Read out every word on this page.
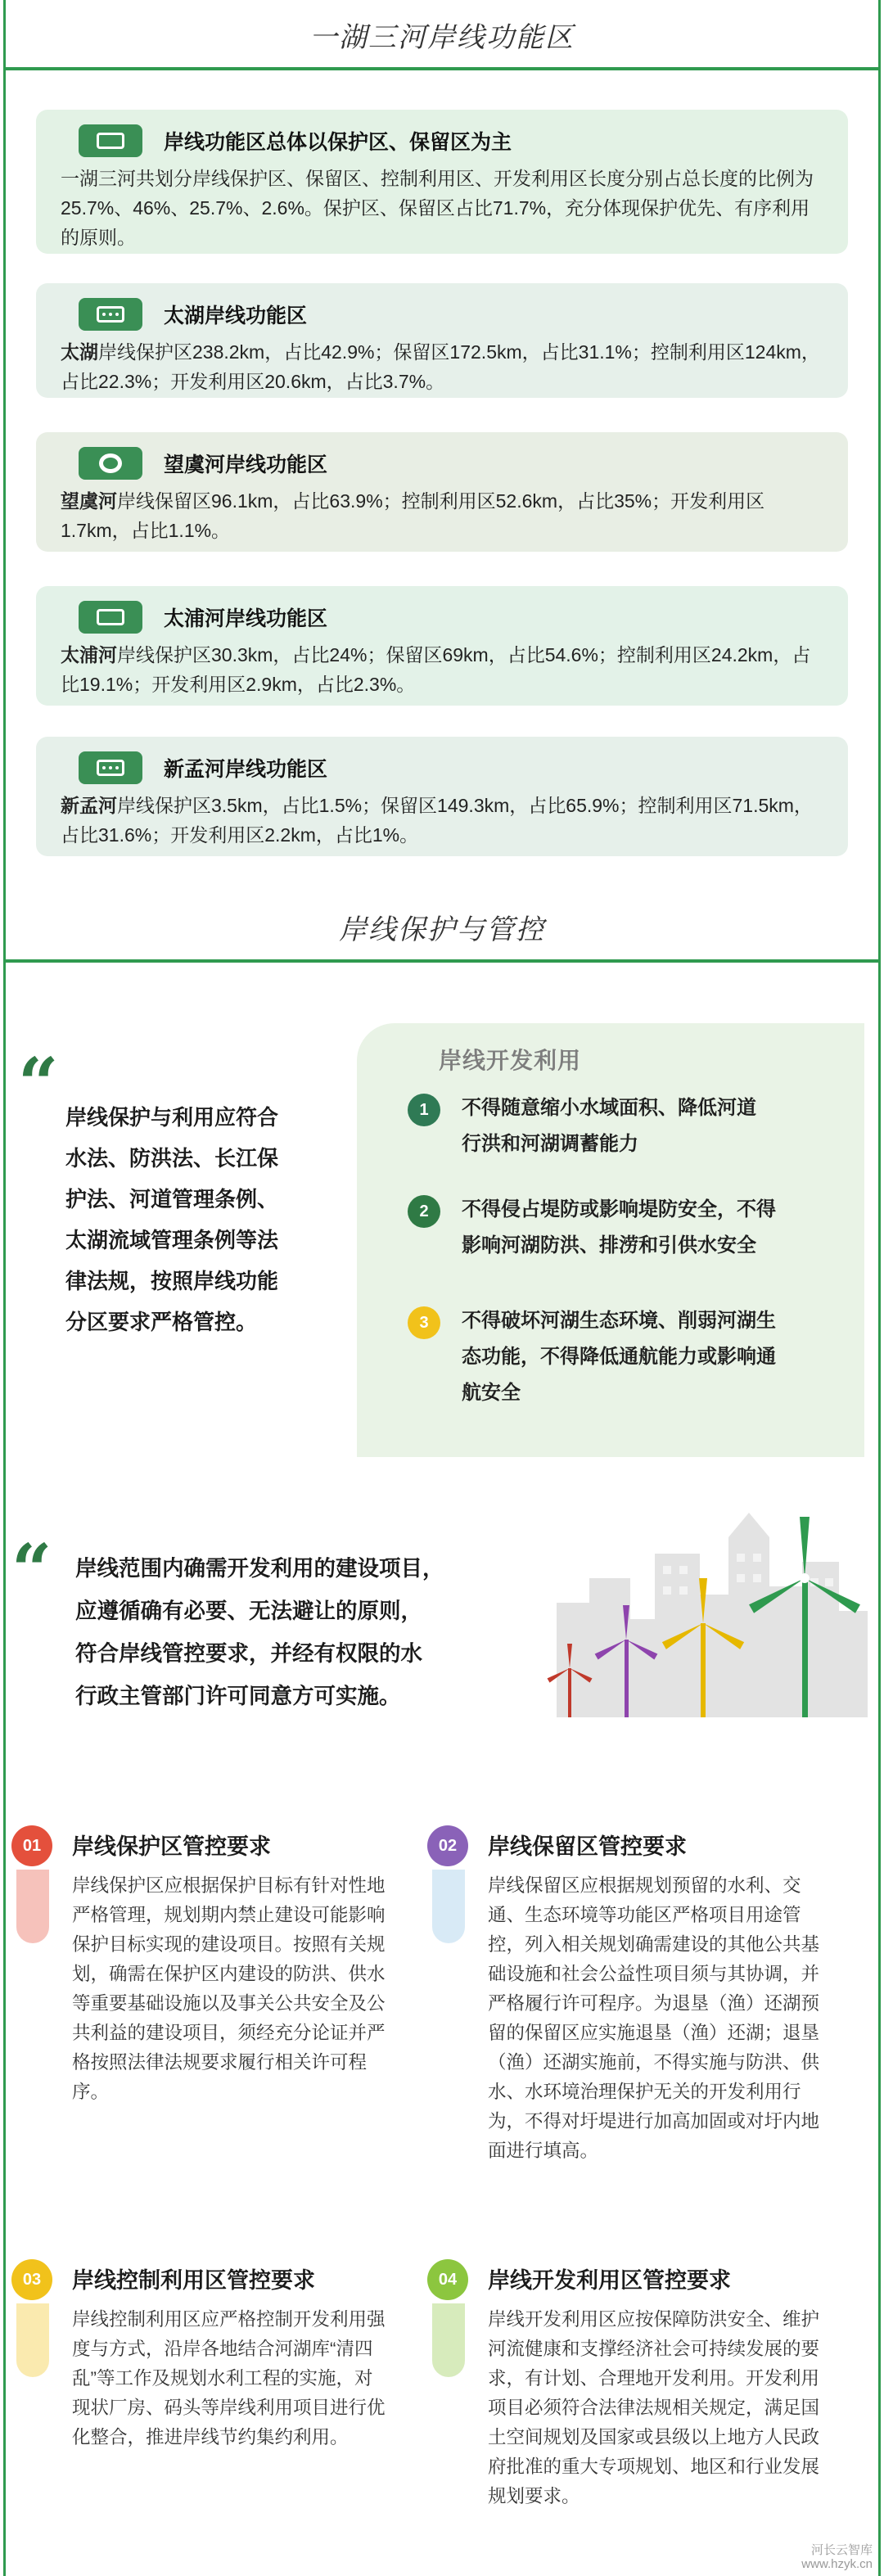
一湖三河岸线功能区
岸线功能区总体以保护区、保留区为主
一湖三河共划分岸线保护区、保留区、控制利用区、开发利用区长度分别占总长度的比例为25.7%、46%、25.7%、2.6%。保护区、保留区占比71.7%，充分体现保护优先、有序利用的原则。
太湖岸线功能区
太湖岸线保护区238.2km，占比42.9%；保留区172.5km，占比31.1%；控制利用区124km，占比22.3%；开发利用区20.6km，占比3.7%。
望虞河岸线功能区
望虞河岸线保留区96.1km，占比63.9%；控制利用区52.6km，占比35%；开发利用区1.7km，占比1.1%。
太浦河岸线功能区
太浦河岸线保护区30.3km，占比24%；保留区69km，占比54.6%；控制利用区24.2km，占比19.1%；开发利用区2.9km，占比2.3%。
新孟河岸线功能区
新孟河岸线保护区3.5km，占比1.5%；保留区149.3km，占比65.9%；控制利用区71.5km，占比31.6%；开发利用区2.2km，占比1%。
岸线保护与管控
“ 岸线保护与利用应符合
水法、防洪法、长江保
护法、河道管理条例、
太湖流域管理条例等法
律法规，按照岸线功能
分区要求严格管控。
岸线开发利用
1	不得随意缩小水域面积、降低河道
行洪和河湖调蓄能力
2	不得侵占堤防或影响堤防安全，不得
影响河湖防洪、排涝和引供水安全
3	不得破坏河湖生态环境、削弱河湖生
态功能，不得降低通航能力或影响通
航安全
“ 岸线范围内确需开发利用的建设项目，
应遵循确有必要、无法避让的原则，
符合岸线管控要求，并经有权限的水
行政主管部门许可同意方可实施。
01	岸线保护区管控要求
岸线保护区应根据保护目标有针对性地严格管理，规划期内禁止建设可能影响保护目标实现的建设项目。按照有关规划，确需在保护区内建设的防洪、供水等重要基础设施以及事关公共安全及公共利益的建设项目，须经充分论证并严格按照法律法规要求履行相关许可程序。
02	岸线保留区管控要求
岸线保留区应根据规划预留的水利、交通、生态环境等功能区严格项目用途管控，列入相关规划确需建设的其他公共基础设施和社会公益性项目须与其协调，并严格履行许可程序。为退垦（渔）还湖预留的保留区应实施退垦（渔）还湖；退垦（渔）还湖实施前，不得实施与防洪、供水、水环境治理保护无关的开发利用行为，不得对圩堤进行加高加固或对圩内地面进行填高。
03	岸线控制利用区管控要求
岸线控制利用区应严格控制开发利用强度与方式，沿岸各地结合河湖库“清四乱”等工作及规划水利工程的实施，对现状厂房、码头等岸线利用项目进行优化整合，推进岸线节约集约利用。
04	岸线开发利用区管控要求
岸线开发利用区应按保障防洪安全、维护河流健康和支撑经济社会可持续发展的要求，有计划、合理地开发利用。开发利用项目必须符合法律法规相关规定，满足国土空间规划及国家或县级以上地方人民政府批准的重大专项规划、地区和行业发展规划要求。
河长云智库
www.hzyk.cn
